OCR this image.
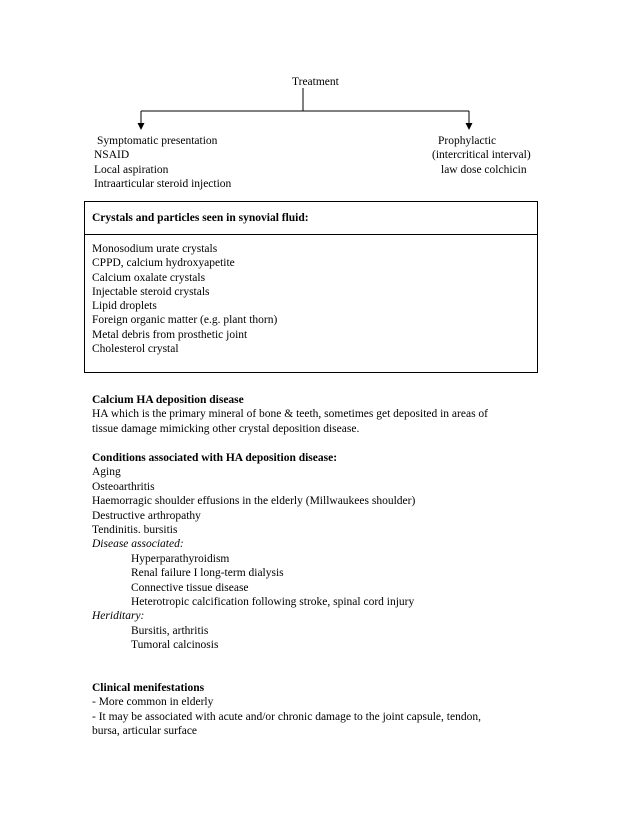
Treatment
Symptomatic presentation
NSAID
Local aspiration
Intraarticular steroid injection
Prophylactic
(intercritical interval)
law dose colchicin
Crystals and particles seen in synovial fluid:
Monosodium urate crystals
CPPD, calcium hydroxyapetite
Calcium oxalate crystals
Injectable steroid crystals
Lipid droplets
Foreign organic matter (e.g. plant thorn)
Metal debris from prosthetic joint
Cholesterol crystal
Calcium HA deposition disease
HA which is the primary mineral of bone & teeth, sometimes get deposited in areas of
tissue damage mimicking other crystal deposition disease.
Conditions associated with HA deposition disease:
Aging
Osteoarthritis
Haemorragic shoulder effusions in the elderly (Millwaukees shoulder)
Destructive arthropathy
Tendinitis. bursitis
Disease associated:
Hyperparathyroidism
Renal failure I long-term dialysis
Connective tissue disease
Heterotropic calcification following stroke, spinal cord injury
Heriditary:
Bursitis, arthritis
Tumoral calcinosis
Clinical menifestations
- More common in elderly
- It may be associated with acute and/or chronic damage to the joint capsule, tendon,
bursa, articular surface
